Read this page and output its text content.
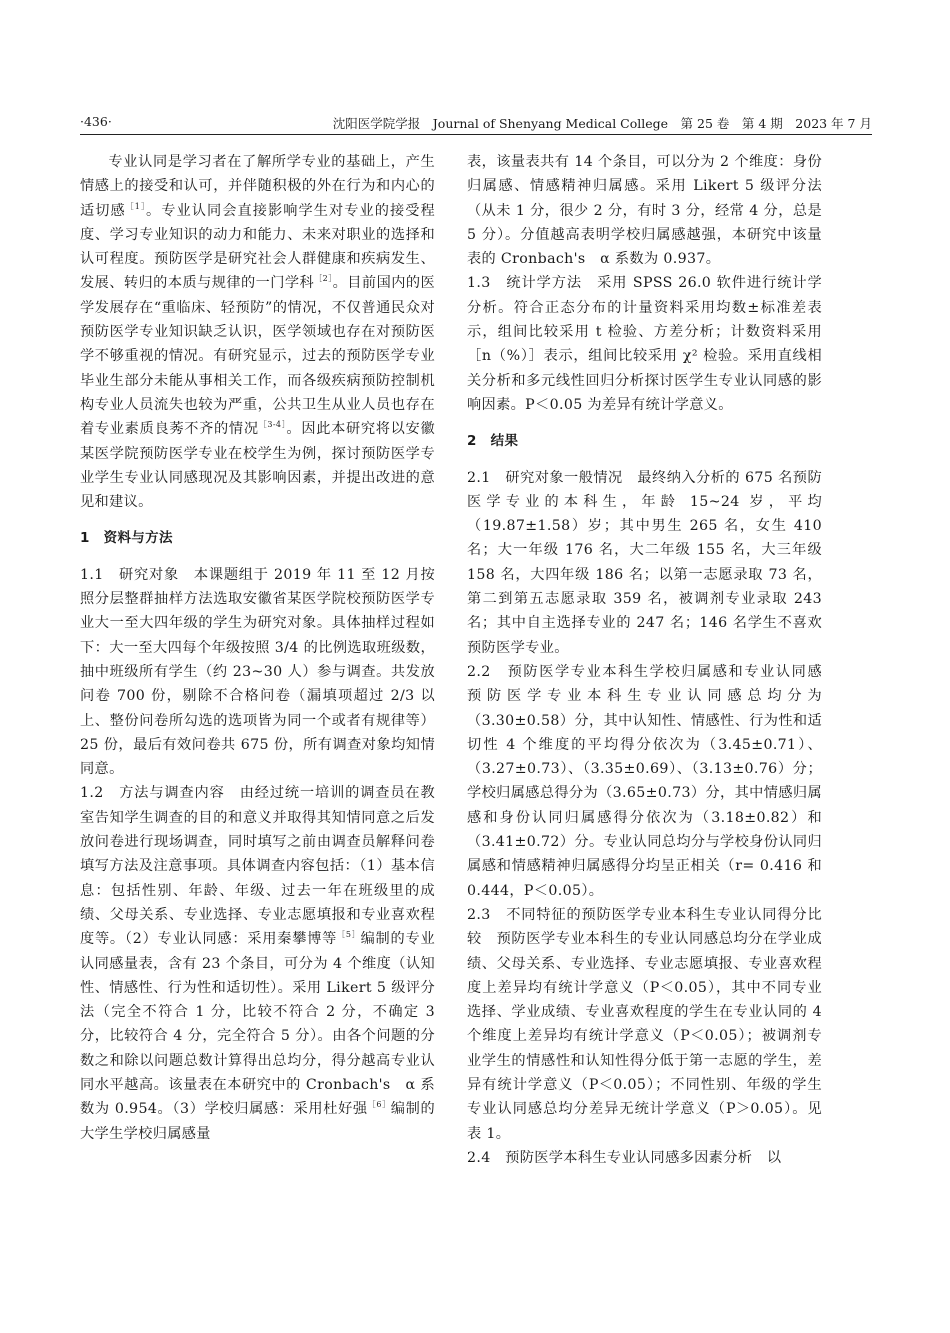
·436·	沈阳医学院学报　Journal of Shenyang Medical College　第 25 卷　第 4 期　2023 年 7 月

专业认同是学习者在了解所学专业的基础上，产生情感上的接受和认可，并伴随积极的外在行为和内心的适切感$^{[1]}$。专业认同会直接影响学生对专业的接受程度、学习专业知识的动力和能力、未来对职业的选择和认可程度。预防医学是研究社会人群健康和疾病发生、发展、转归的本质与规律的一门学科$^{[2]}$。目前国内的医学发展存在“重临床、轻预防”的情况，不仅普通民众对预防医学专业知识缺乏认识，医学领域也存在对预防医学不够重视的情况。有研究显示，过去的预防医学专业毕业生部分未能从事相关工作，而各级疾病预防控制机构专业人员流失也较为严重，公共卫生从业人员也存在着专业素质良莠不齐的情况$^{[3-4]}$。因此本研究将以安徽某医学院预防医学专业在校学生为例，探讨预防医学专业学生专业认同感现况及其影响因素，并提出改进的意见和建议。

1　资料与方法

1.1　研究对象　本课题组于 2019 年 11 至 12 月按照分层整群抽样方法选取安徽省某医学院校预防医学专业大一至大四年级的学生为研究对象。具体抽样过程如下：大一至大四每个年级按照 3/4 的比例选取班级数，抽中班级所有学生（约 23~30 人）参与调查。共发放问卷 700 份，剔除不合格问卷（漏填项超过 2/3 以上、整份问卷所勾选的选项皆为同一个或者有规律等）25 份，最后有效问卷共 675 份，所有调查对象均知情同意。

1.2　方法与调查内容　由经过统一培训的调查员在教室告知学生调查的目的和意义并取得其知情同意之后发放问卷进行现场调查，同时填写之前由调查员解释问卷填写方法及注意事项。具体调查内容包括：（1）基本信息：包括性别、年龄、年级、过去一年在班级里的成绩、父母关系、专业选择、专业志愿填报和专业喜欢程度等。（2）专业认同感：采用秦攀博等$^{[5]}$编制的专业认同感量表，含有 23 个条目，可分为 4 个维度（认知性、情感性、行为性和适切性）。采用 Likert 5 级评分法（完全不符合 1 分，比较不符合 2 分，不确定 3 分，比较符合 4 分，完全符合 5 分）。由各个问题的分数之和除以问题总数计算得出总均分，得分越高专业认同水平越高。该量表在本研究中的 Cronbach's　α 系数为 0.954。（3）学校归属感：采用杜好强$^{[6]}$编制的大学生学校归属感量

表，该量表共有 14 个条目，可以分为 2 个维度：身份归属感、情感精神归属感。采用 Likert 5 级评分法（从未 1 分，很少 2 分，有时 3 分，经常 4 分，总是 5 分）。分值越高表明学校归属感越强，本研究中该量表的 Cronbach's　α 系数为 0.937。

1.3　统计学方法　采用 SPSS 26.0 软件进行统计学分析。符合正态分布的计量资料采用均数±标准差表示，组间比较采用 t 检验、方差分析；计数资料采用［n（%）］表示，组间比较采用 χ² 检验。采用直线相关分析和多元线性回归分析探讨医学生专业认同感的影响因素。P＜0.05 为差异有统计学意义。

2　结果

2.1　研究对象一般情况　最终纳入分析的 675 名预防医学专业的本科生，年龄 15~24 岁，平均（19.87±1.58）岁；其中男生 265 名，女生 410 名；大一年级 176 名，大二年级 155 名，大三年级 158 名，大四年级 186 名；以第一志愿录取 73 名，第二到第五志愿录取 359 名，被调剂专业录取 243 名；其中自主选择专业的 247 名；146 名学生不喜欢预防医学专业。

2.2　预防医学专业本科生学校归属感和专业认同感　预防医学专业本科生专业认同感总均分为（3.30±0.58）分，其中认知性、情感性、行为性和适切性 4 个维度的平均得分依次为（3.45±0.71）、（3.27±0.73）、（3.35±0.69）、（3.13±0.76）分；学校归属感总得分为（3.65±0.73）分，其中情感归属感和身份认同归属感得分依次为（3.18±0.82）和（3.41±0.72）分。专业认同总均分与学校身份认同归属感和情感精神归属感得分均呈正相关（r= 0.416 和 0.444，P＜0.05）。

2.3　不同特征的预防医学专业本科生专业认同得分比较　预防医学专业本科生的专业认同感总均分在学业成绩、父母关系、专业选择、专业志愿填报、专业喜欢程度上差异均有统计学意义（P＜0.05），其中不同专业选择、学业成绩、专业喜欢程度的学生在专业认同的 4 个维度上差异均有统计学意义（P＜0.05）；被调剂专业学生的情感性和认知性得分低于第一志愿的学生，差异有统计学意义（P＜0.05）；不同性别、年级的学生专业认同感总均分差异无统计学意义（P＞0.05）。见表 1。

2.4　预防医学本科生专业认同感多因素分析　以
